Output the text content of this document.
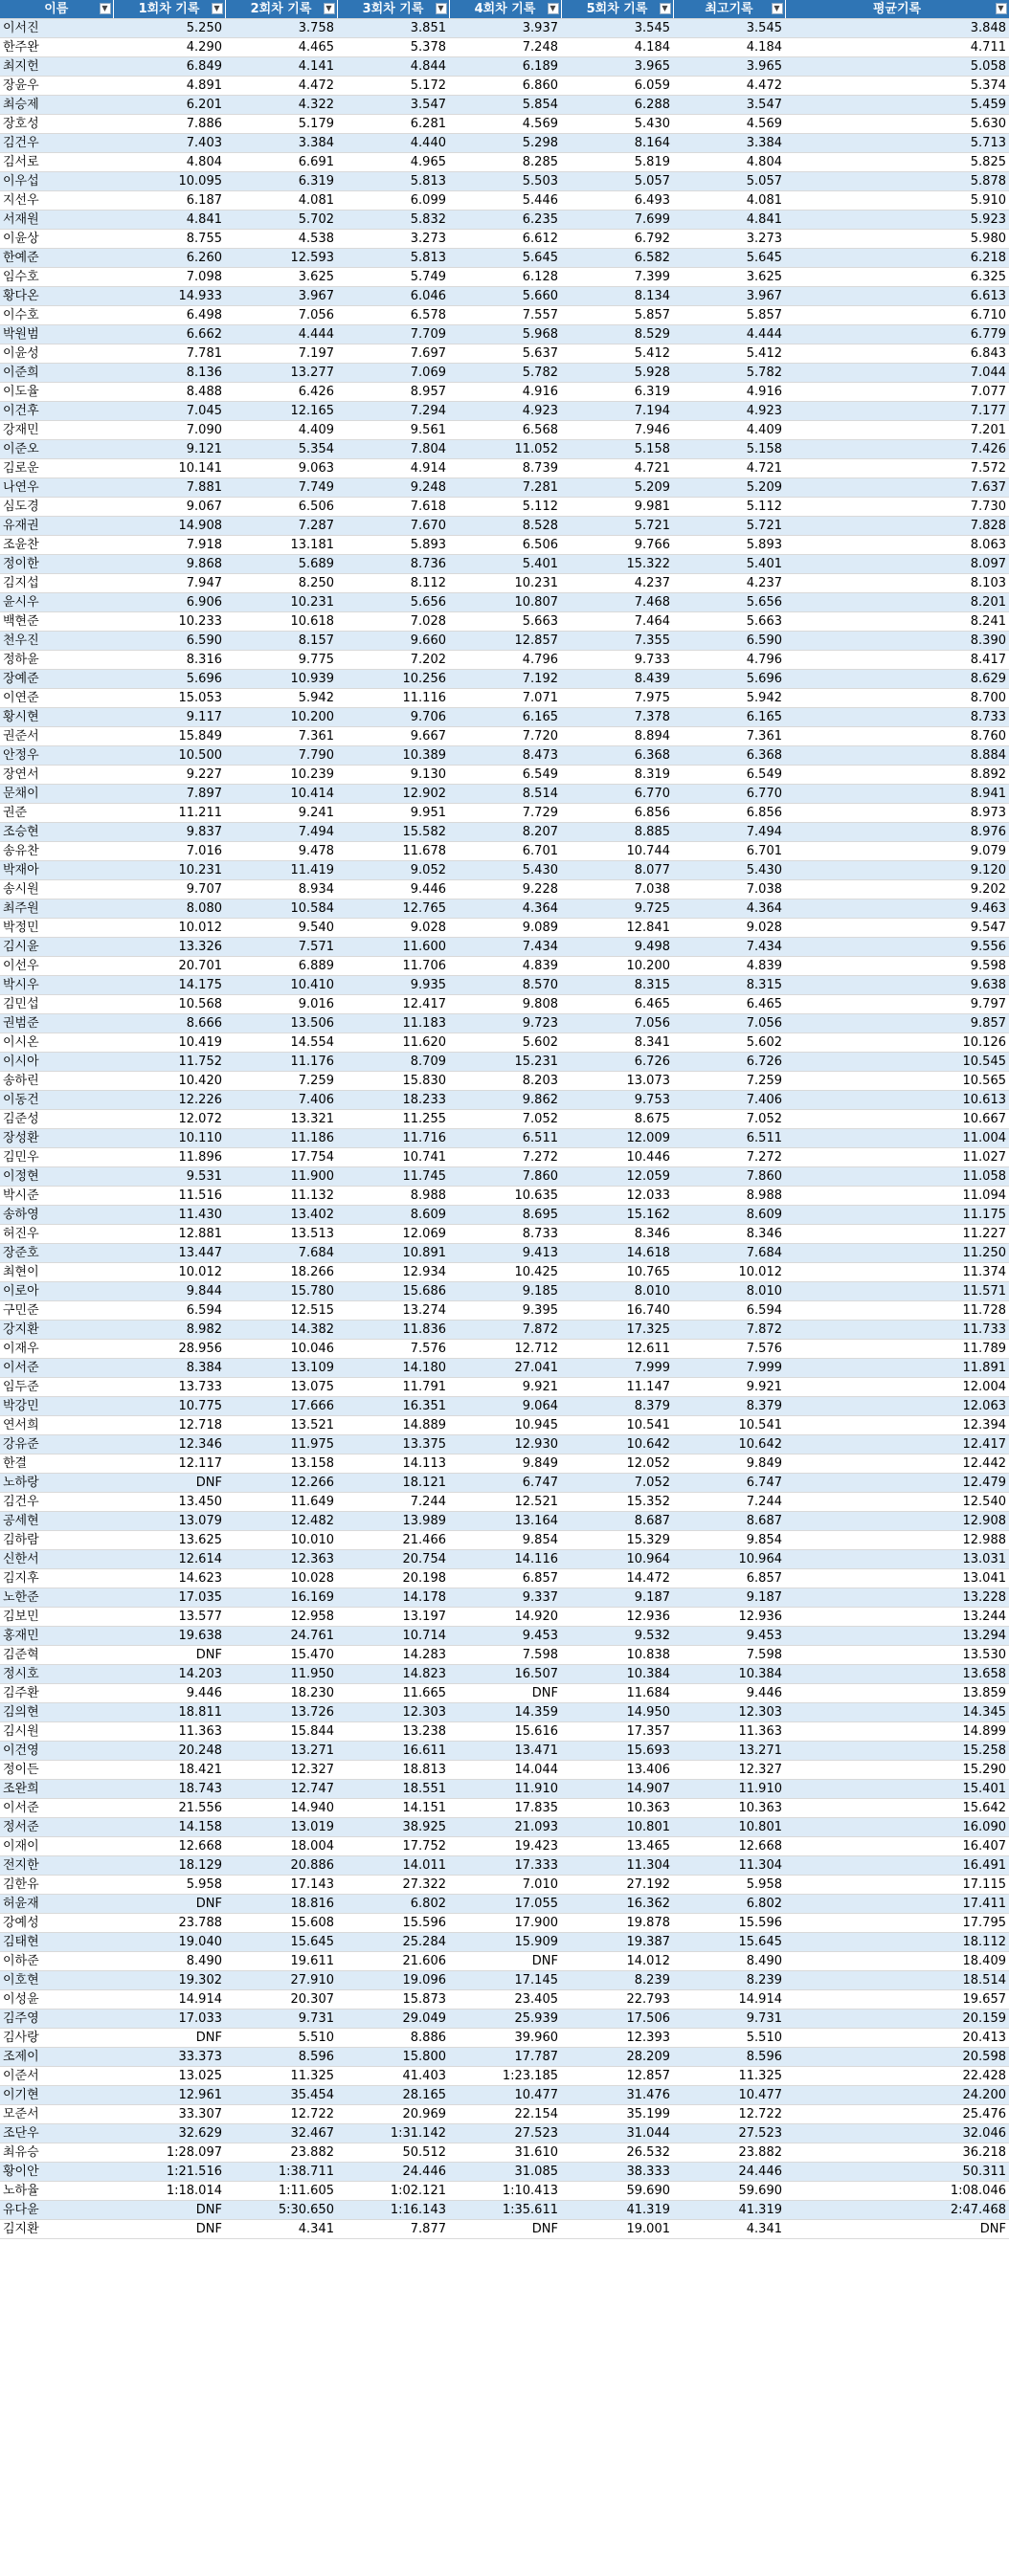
이름 ▼	1회차 기록 ▼	2회차 기록 ▼	3회차 기록 ▼	4회차 기록 ▼	5회차 기록 ▼	최고기록 ▼	평균기록 ▼

이서진	5.250	3.758	3.851	3.937	3.545	3.545	3.848
한주완	4.290	4.465	5.378	7.248	4.184	4.184	4.711
최지헌	6.849	4.141	4.844	6.189	3.965	3.965	5.058
장윤우	4.891	4.472	5.172	6.860	6.059	4.472	5.374
최승제	6.201	4.322	3.547	5.854	6.288	3.547	5.459
장호성	7.886	5.179	6.281	4.569	5.430	4.569	5.630
김건우	7.403	3.384	4.440	5.298	8.164	3.384	5.713
김서로	4.804	6.691	4.965	8.285	5.819	4.804	5.825
이우섭	10.095	6.319	5.813	5.503	5.057	5.057	5.878
지선우	6.187	4.081	6.099	5.446	6.493	4.081	5.910
서재원	4.841	5.702	5.832	6.235	7.699	4.841	5.923
이윤상	8.755	4.538	3.273	6.612	6.792	3.273	5.980
한예준	6.260	12.593	5.813	5.645	6.582	5.645	6.218
임수호	7.098	3.625	5.749	6.128	7.399	3.625	6.325
황다온	14.933	3.967	6.046	5.660	8.134	3.967	6.613
이수호	6.498	7.056	6.578	7.557	5.857	5.857	6.710
박원범	6.662	4.444	7.709	5.968	8.529	4.444	6.779
이윤성	7.781	7.197	7.697	5.637	5.412	5.412	6.843
이준희	8.136	13.277	7.069	5.782	5.928	5.782	7.044
이도율	8.488	6.426	8.957	4.916	6.319	4.916	7.077
이건후	7.045	12.165	7.294	4.923	7.194	4.923	7.177
강재민	7.090	4.409	9.561	6.568	7.946	4.409	7.201
이준오	9.121	5.354	7.804	11.052	5.158	5.158	7.426
김로운	10.141	9.063	4.914	8.739	4.721	4.721	7.572
나연우	7.881	7.749	9.248	7.281	5.209	5.209	7.637
심도경	9.067	6.506	7.618	5.112	9.981	5.112	7.730
유재권	14.908	7.287	7.670	8.528	5.721	5.721	7.828
조윤찬	7.918	13.181	5.893	6.506	9.766	5.893	8.063
정이한	9.868	5.689	8.736	5.401	15.322	5.401	8.097
김지섭	7.947	8.250	8.112	10.231	4.237	4.237	8.103
윤시우	6.906	10.231	5.656	10.807	7.468	5.656	8.201
백현준	10.233	10.618	7.028	5.663	7.464	5.663	8.241
천우진	6.590	8.157	9.660	12.857	7.355	6.590	8.390
정하윤	8.316	9.775	7.202	4.796	9.733	4.796	8.417
장예준	5.696	10.939	10.256	7.192	8.439	5.696	8.629
이연준	15.053	5.942	11.116	7.071	7.975	5.942	8.700
황시현	9.117	10.200	9.706	6.165	7.378	6.165	8.733
권준서	15.849	7.361	9.667	7.720	8.894	7.361	8.760
안정우	10.500	7.790	10.389	8.473	6.368	6.368	8.884
장연서	9.227	10.239	9.130	6.549	8.319	6.549	8.892
문채이	7.897	10.414	12.902	8.514	6.770	6.770	8.941
권준	11.211	9.241	9.951	7.729	6.856	6.856	8.973
조승현	9.837	7.494	15.582	8.207	8.885	7.494	8.976
송유찬	7.016	9.478	11.678	6.701	10.744	6.701	9.079
박재아	10.231	11.419	9.052	5.430	8.077	5.430	9.120
송시원	9.707	8.934	9.446	9.228	7.038	7.038	9.202
최주원	8.080	10.584	12.765	4.364	9.725	4.364	9.463
박정민	10.012	9.540	9.028	9.089	12.841	9.028	9.547
김시윤	13.326	7.571	11.600	7.434	9.498	7.434	9.556
이선우	20.701	6.889	11.706	4.839	10.200	4.839	9.598
박시우	14.175	10.410	9.935	8.570	8.315	8.315	9.638
김민섭	10.568	9.016	12.417	9.808	6.465	6.465	9.797
권범준	8.666	13.506	11.183	9.723	7.056	7.056	9.857
이시온	10.419	14.554	11.620	5.602	8.341	5.602	10.126
이시아	11.752	11.176	8.709	15.231	6.726	6.726	10.545
송하린	10.420	7.259	15.830	8.203	13.073	7.259	10.565
이동건	12.226	7.406	18.233	9.862	9.753	7.406	10.613
김준성	12.072	13.321	11.255	7.052	8.675	7.052	10.667
장성환	10.110	11.186	11.716	6.511	12.009	6.511	11.004
김민우	11.896	17.754	10.741	7.272	10.446	7.272	11.027
이정현	9.531	11.900	11.745	7.860	12.059	7.860	11.058
박시준	11.516	11.132	8.988	10.635	12.033	8.988	11.094
송하영	11.430	13.402	8.609	8.695	15.162	8.609	11.175
허진우	12.881	13.513	12.069	8.733	8.346	8.346	11.227
장준호	13.447	7.684	10.891	9.413	14.618	7.684	11.250
최현이	10.012	18.266	12.934	10.425	10.765	10.012	11.374
이로아	9.844	15.780	15.686	9.185	8.010	8.010	11.571
구민준	6.594	12.515	13.274	9.395	16.740	6.594	11.728
강지환	8.982	14.382	11.836	7.872	17.325	7.872	11.733
이재우	28.956	10.046	7.576	12.712	12.611	7.576	11.789
이서준	8.384	13.109	14.180	27.041	7.999	7.999	11.891
임두준	13.733	13.075	11.791	9.921	11.147	9.921	12.004
박강민	10.775	17.666	16.351	9.064	8.379	8.379	12.063
연서희	12.718	13.521	14.889	10.945	10.541	10.541	12.394
강유준	12.346	11.975	13.375	12.930	10.642	10.642	12.417
한결	12.117	13.158	14.113	9.849	12.052	9.849	12.442
노하랑	DNF	12.266	18.121	6.747	7.052	6.747	12.479
김건우	13.450	11.649	7.244	12.521	15.352	7.244	12.540
공세현	13.079	12.482	13.989	13.164	8.687	8.687	12.908
김하람	13.625	10.010	21.466	9.854	15.329	9.854	12.988
신한서	12.614	12.363	20.754	14.116	10.964	10.964	13.031
김지후	14.623	10.028	20.198	6.857	14.472	6.857	13.041
노한준	17.035	16.169	14.178	9.337	9.187	9.187	13.228
김보민	13.577	12.958	13.197	14.920	12.936	12.936	13.244
홍재민	19.638	24.761	10.714	9.453	9.532	9.453	13.294
김준혁	DNF	15.470	14.283	7.598	10.838	7.598	13.530
정시호	14.203	11.950	14.823	16.507	10.384	10.384	13.658
김주환	9.446	18.230	11.665	DNF	11.684	9.446	13.859
김의현	18.811	13.726	12.303	14.359	14.950	12.303	14.345
김시원	11.363	15.844	13.238	15.616	17.357	11.363	14.899
이건영	20.248	13.271	16.611	13.471	15.693	13.271	15.258
정이든	18.421	12.327	18.813	14.044	13.406	12.327	15.290
조완희	18.743	12.747	18.551	11.910	14.907	11.910	15.401
이서준	21.556	14.940	14.151	17.835	10.363	10.363	15.642
정서준	14.158	13.019	38.925	21.093	10.801	10.801	16.090
이재이	12.668	18.004	17.752	19.423	13.465	12.668	16.407
전지한	18.129	20.886	14.011	17.333	11.304	11.304	16.491
김한유	5.958	17.143	27.322	7.010	27.192	5.958	17.115
허윤재	DNF	18.816	6.802	17.055	16.362	6.802	17.411
강예성	23.788	15.608	15.596	17.900	19.878	15.596	17.795
김태현	19.040	15.645	25.284	15.909	19.387	15.645	18.112
이하준	8.490	19.611	21.606	DNF	14.012	8.490	18.409
이호현	19.302	27.910	19.096	17.145	8.239	8.239	18.514
이성윤	14.914	20.307	15.873	23.405	22.793	14.914	19.657
김주영	17.033	9.731	29.049	25.939	17.506	9.731	20.159
김사랑	DNF	5.510	8.886	39.960	12.393	5.510	20.413
조제이	33.373	8.596	15.800	17.787	28.209	8.596	20.598
이준서	13.025	11.325	41.403	1:23.185	12.857	11.325	22.428
이기현	12.961	35.454	28.165	10.477	31.476	10.477	24.200
모준서	33.307	12.722	20.969	22.154	35.199	12.722	25.476
조단우	32.629	32.467	1:31.142	27.523	31.044	27.523	32.046
최유승	1:28.097	23.882	50.512	31.610	26.532	23.882	36.218
황이안	1:21.516	1:38.711	24.446	31.085	38.333	24.446	50.311
노하율	1:18.014	1:11.605	1:02.121	1:10.413	59.690	59.690	1:08.046
유다윤	DNF	5:30.650	1:16.143	1:35.611	41.319	41.319	2:47.468
김지환	DNF	4.341	7.877	DNF	19.001	4.341	DNF
